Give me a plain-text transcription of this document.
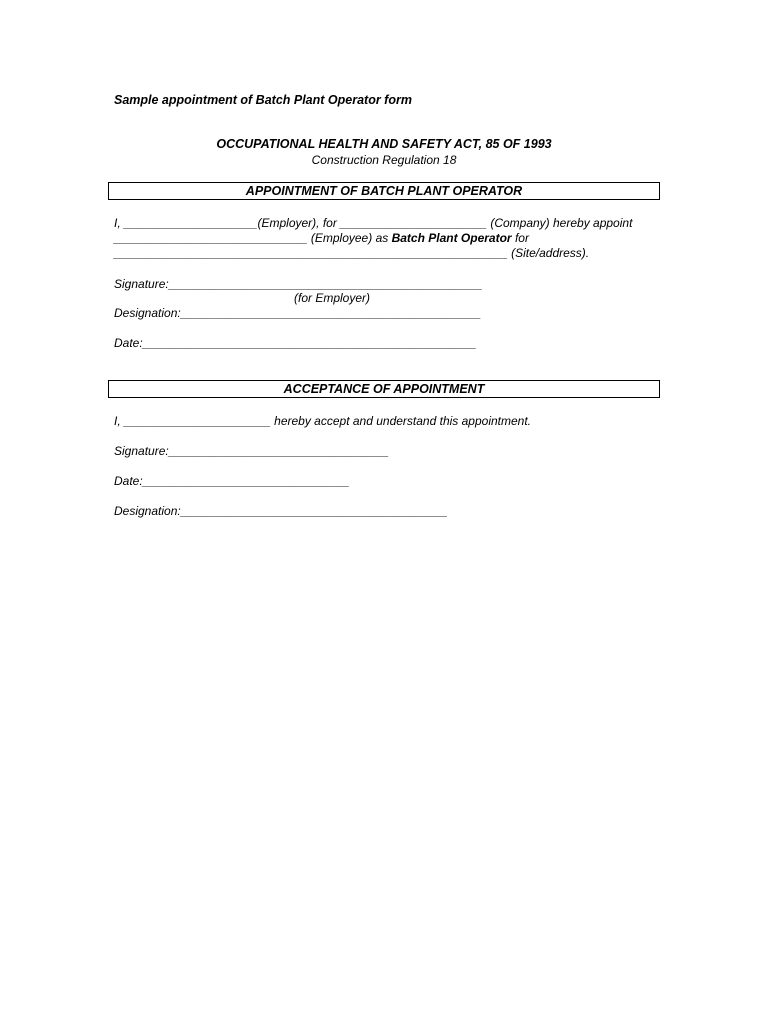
Sample appointment of Batch Plant Operator form
OCCUPATIONAL HEALTH AND SAFETY ACT, 85 OF 1993
Construction Regulation 18
APPOINTMENT OF BATCH PLANT OPERATOR
I, ____________________(Employer), for ______________________ (Company) hereby appoint
_____________________________ (Employee) as Batch Plant Operator for
___________________________________________________________ (Site/address).
Signature:_______________________________________________
(for Employer)
Designation:_____________________________________________
Date:__________________________________________________
ACCEPTANCE OF APPOINTMENT
I, ______________________ hereby accept and understand this appointment.
Signature:_________________________________
Date:_______________________________
Designation:________________________________________
